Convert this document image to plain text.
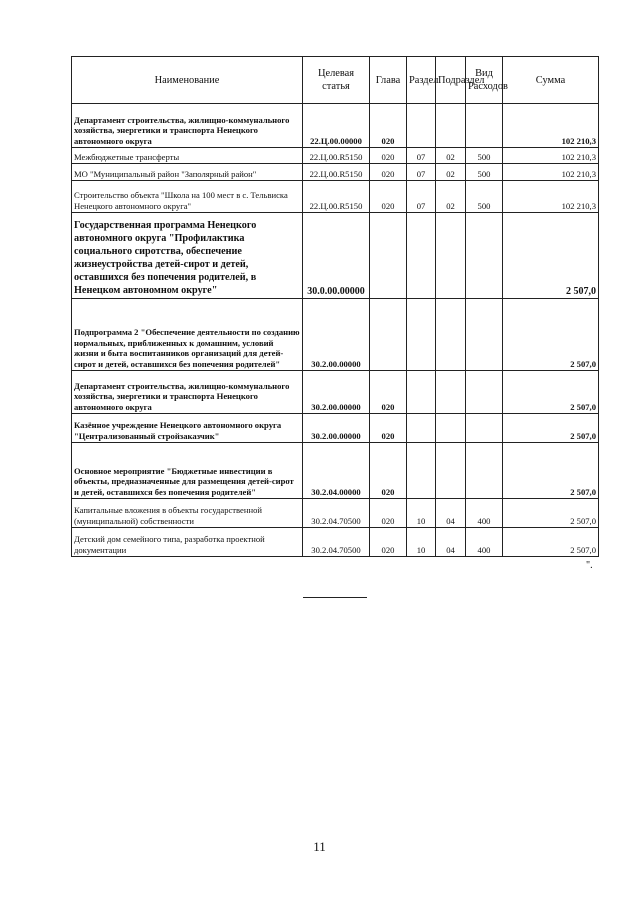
Наименование	Целевая статья	Глава	Раздел	Подраздел	Вид Расходов	Сумма
Департамент строительства, жилищно-коммунального хозяйства, энергетики и транспорта Ненецкого автономного округа	22.Ц.00.00000	020				102 210,3
Межбюджетные трансферты	22.Ц.00.R5150	020	07	02	500	102 210,3
МО "Муниципальный район "Заполярный район"	22.Ц.00.R5150	020	07	02	500	102 210,3
Строительство объекта "Школа на 100 мест в с. Тельвиска Ненецкого автономного округа"	22.Ц.00.R5150	020	07	02	500	102 210,3
Государственная программа Ненецкого автономного округа "Профилактика социального сиротства, обеспечение жизнеустройства детей-сирот и детей, оставшихся без попечения родителей, в Ненецком автономном округе"	30.0.00.00000					2 507,0
Подпрограмма 2 "Обеспечение деятельности по созданию нормальных, приближенных к домашним, условий жизни и быта воспитанников организаций для детей-сирот и детей, оставшихся без попечения родителей"	30.2.00.00000					2 507,0
Департамент строительства, жилищно-коммунального хозяйства, энергетики и транспорта Ненецкого автономного округа	30.2.00.00000	020				2 507,0
Казённое учреждение Ненецкого автономного округа "Централизованный стройзаказчик"	30.2.00.00000	020				2 507,0
Основное мероприятие "Бюджетные инвестиции в объекты, предназначенные для размещения детей-сирот и детей, оставшихся без попечения родителей"	30.2.04.00000	020				2 507,0
Капитальные вложения в объекты государственной (муниципальной) собственности	30.2.04.70500	020	10	04	400	2 507,0
Детский дом семейного типа, разработка проектной документации	30.2.04.70500	020	10	04	400	2 507,0
".
11
